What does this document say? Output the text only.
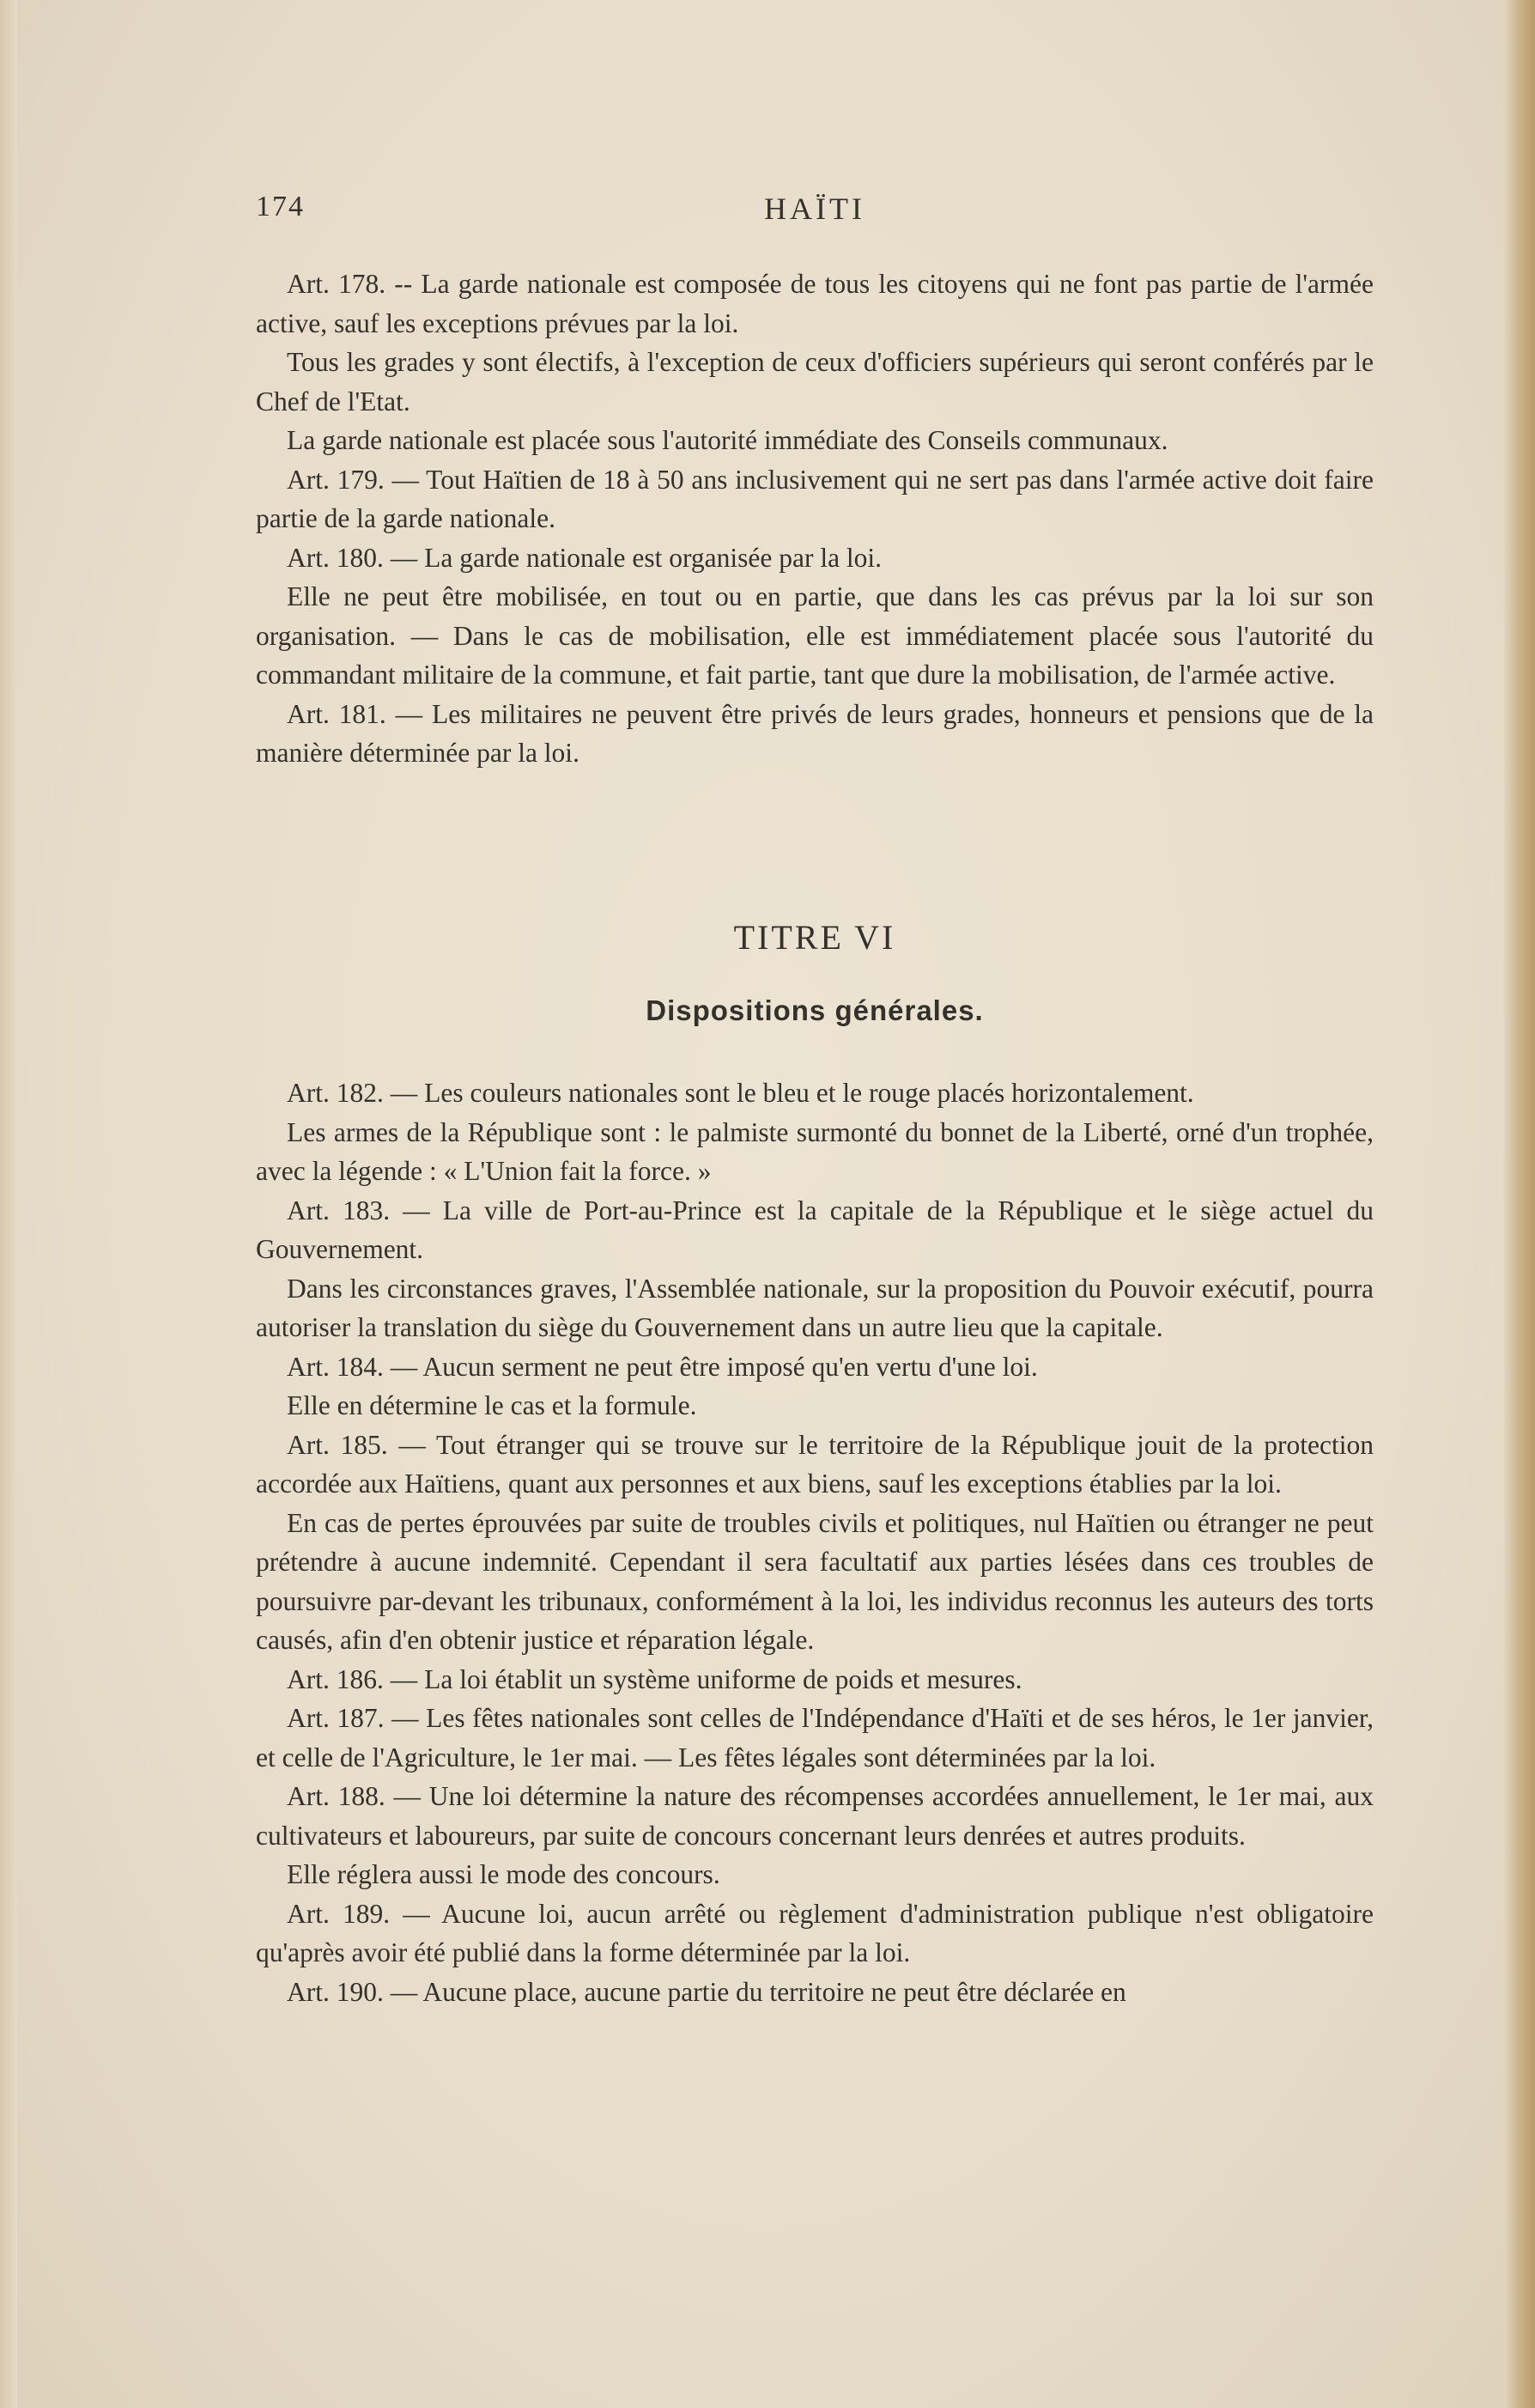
174	HAÏTI

Art. 178. -- La garde nationale est composée de tous les citoyens qui ne font pas partie de l'armée active, sauf les exceptions prévues par la loi.

Tous les grades y sont électifs, à l'exception de ceux d'officiers supérieurs qui seront conférés par le Chef de l'Etat.

La garde nationale est placée sous l'autorité immédiate des Conseils communaux.

Art. 179. — Tout Haïtien de 18 à 50 ans inclusivement qui ne sert pas dans l'armée active doit faire partie de la garde nationale.

Art. 180. — La garde nationale est organisée par la loi.

Elle ne peut être mobilisée, en tout ou en partie, que dans les cas prévus par la loi sur son organisation. — Dans le cas de mobilisation, elle est immédiatement placée sous l'autorité du commandant militaire de la commune, et fait partie, tant que dure la mobilisation, de l'armée active.

Art. 181. — Les militaires ne peuvent être privés de leurs grades, honneurs et pensions que de la manière déterminée par la loi.

TITRE VI
Dispositions générales.

Art. 182. — Les couleurs nationales sont le bleu et le rouge placés horizontalement.

Les armes de la République sont : le palmiste surmonté du bonnet de la Liberté, orné d'un trophée, avec la légende : « L'Union fait la force. »

Art. 183. — La ville de Port-au-Prince est la capitale de la République et le siège actuel du Gouvernement.

Dans les circonstances graves, l'Assemblée nationale, sur la proposition du Pouvoir exécutif, pourra autoriser la translation du siège du Gouvernement dans un autre lieu que la capitale.

Art. 184. — Aucun serment ne peut être imposé qu'en vertu d'une loi.

Elle en détermine le cas et la formule.

Art. 185. — Tout étranger qui se trouve sur le territoire de la République jouit de la protection accordée aux Haïtiens, quant aux personnes et aux biens, sauf les exceptions établies par la loi.

En cas de pertes éprouvées par suite de troubles civils et politiques, nul Haïtien ou étranger ne peut prétendre à aucune indemnité. Cependant il sera facultatif aux parties lésées dans ces troubles de poursuivre par-devant les tribunaux, conformément à la loi, les individus reconnus les auteurs des torts causés, afin d'en obtenir justice et réparation légale.

Art. 186. — La loi établit un système uniforme de poids et mesures.

Art. 187. — Les fêtes nationales sont celles de l'Indépendance d'Haïti et de ses héros, le 1er janvier, et celle de l'Agriculture, le 1er mai. — Les fêtes légales sont déterminées par la loi.

Art. 188. — Une loi détermine la nature des récompenses accordées annuellement, le 1er mai, aux cultivateurs et laboureurs, par suite de concours concernant leurs denrées et autres produits.

Elle réglera aussi le mode des concours.

Art. 189. — Aucune loi, aucun arrêté ou règlement d'administration publique n'est obligatoire qu'après avoir été publié dans la forme déterminée par la loi.

Art. 190. — Aucune place, aucune partie du territoire ne peut être déclarée en
